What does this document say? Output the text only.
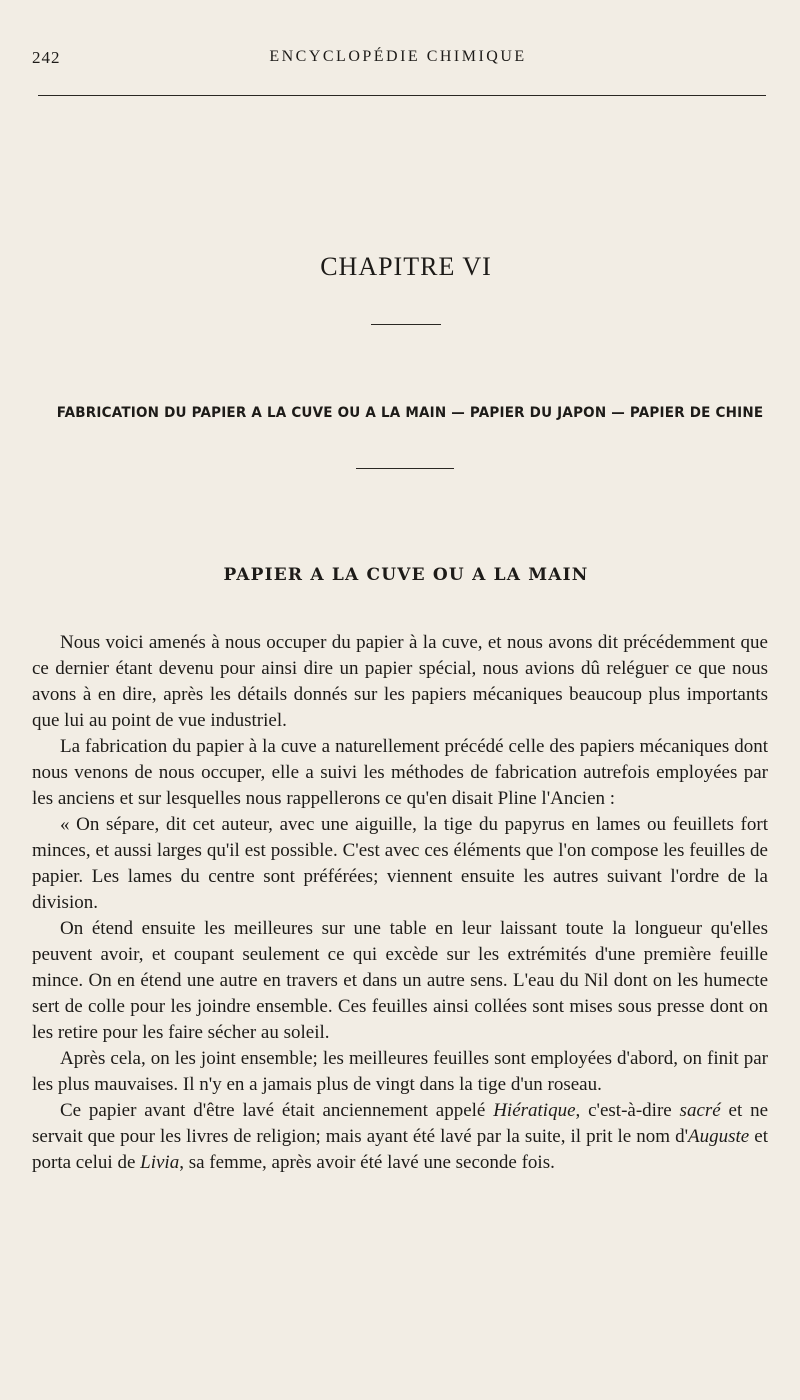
242	ENCYCLOPÉDIE CHIMIQUE
CHAPITRE VI
FABRICATION DU PAPIER A LA CUVE OU A LA MAIN — PAPIER DU JAPON — PAPIER DE CHINE
PAPIER A LA CUVE OU A LA MAIN

Nous voici amenés à nous occuper du papier à la cuve, et nous avons dit précédemment que ce dernier étant devenu pour ainsi dire un papier spécial, nous avions dû reléguer ce que nous avons à en dire, après les détails donnés sur les papiers mécaniques beaucoup plus importants que lui au point de vue industriel.

La fabrication du papier à la cuve a naturellement précédé celle des papiers mécaniques dont nous venons de nous occuper, elle a suivi les méthodes de fabrication autrefois employées par les anciens et sur lesquelles nous rappellerons ce qu'en disait Pline l'Ancien :

« On sépare, dit cet auteur, avec une aiguille, la tige du papyrus en lames ou feuillets fort minces, et aussi larges qu'il est possible. C'est avec ces éléments que l'on compose les feuilles de papier. Les lames du centre sont préférées; viennent ensuite les autres suivant l'ordre de la division.

On étend ensuite les meilleures sur une table en leur laissant toute la longueur qu'elles peuvent avoir, et coupant seulement ce qui excède sur les extrémités d'une première feuille mince. On en étend une autre en travers et dans un autre sens. L'eau du Nil dont on les humecte sert de colle pour les joindre ensemble. Ces feuilles ainsi collées sont mises sous presse dont on les retire pour les faire sécher au soleil.

Après cela, on les joint ensemble; les meilleures feuilles sont employées d'abord, on finit par les plus mauvaises. Il n'y en a jamais plus de vingt dans la tige d'un roseau.

Ce papier avant d'être lavé était anciennement appelé Hiératique, c'est-à-dire sacré et ne servait que pour les livres de religion; mais ayant été lavé par la suite, il prit le nom d'Auguste et porta celui de Livia, sa femme, après avoir été lavé une seconde fois.
